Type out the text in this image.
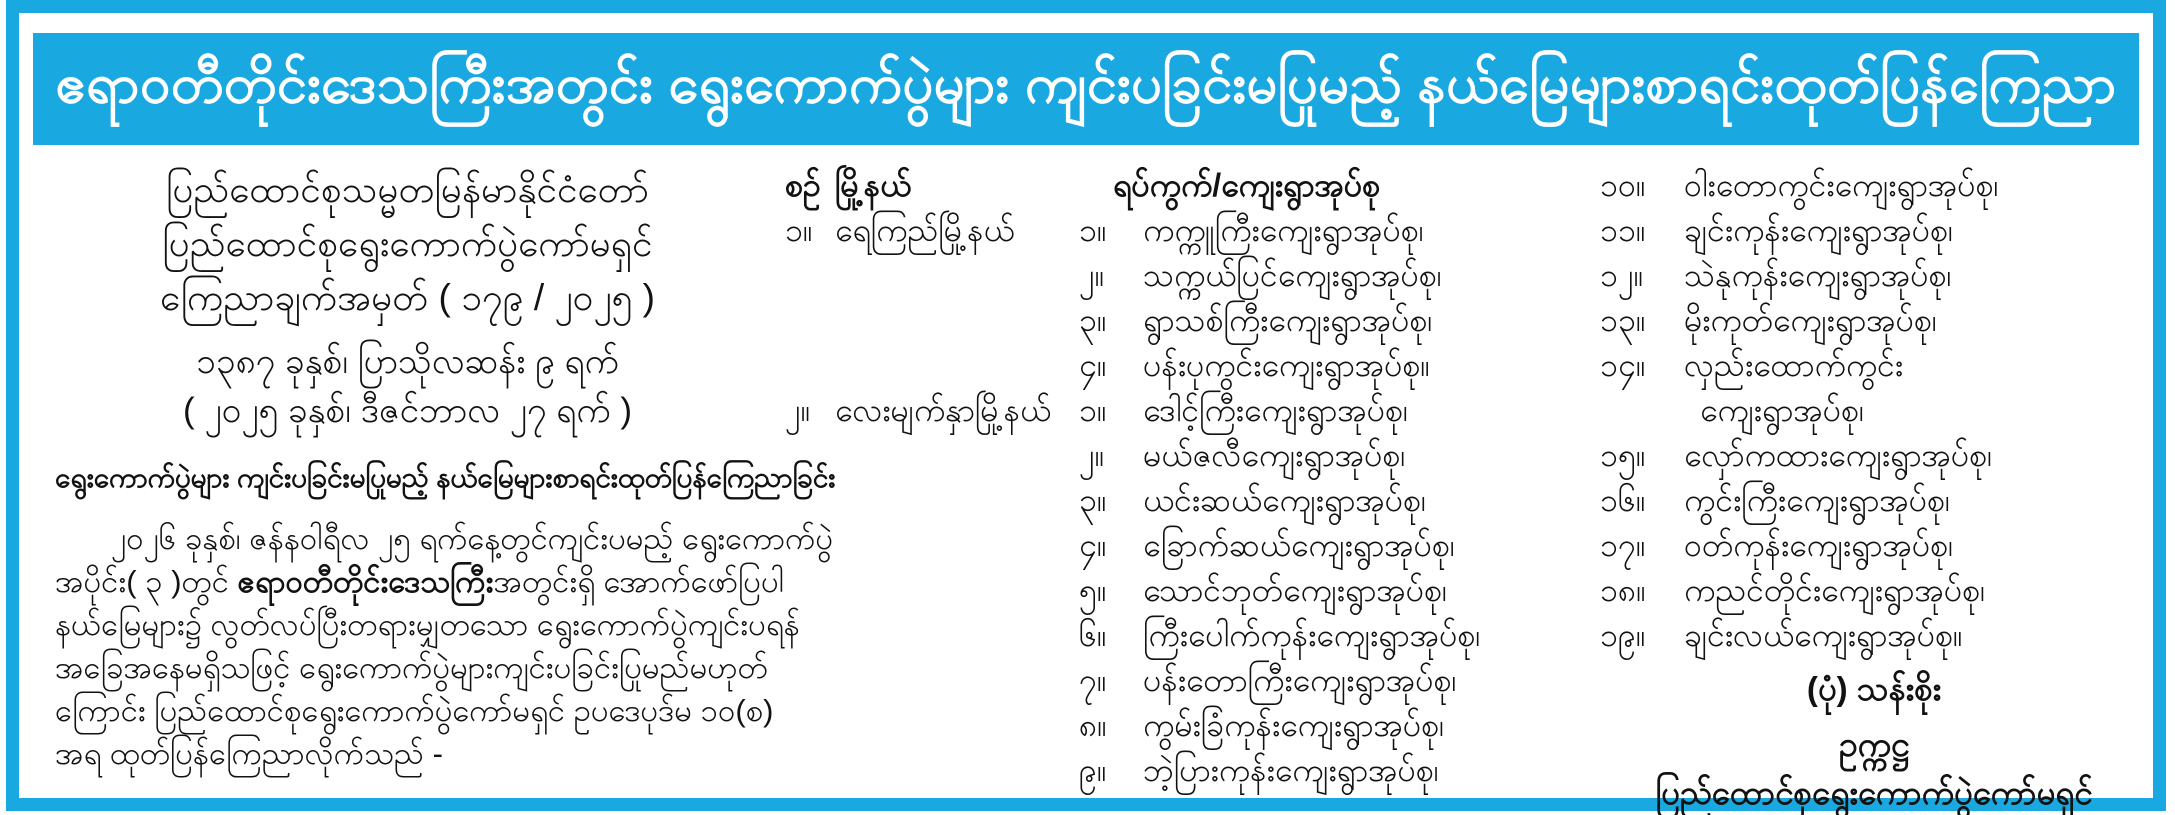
ဧရာဝတီတိုင်းဒေသကြီးအတွင်း ရွေးကောက်ပွဲများ ကျင်းပခြင်းမပြုမည့် နယ်မြေများစာရင်းထုတ်ပြန်ကြေညာ
ပြည်ထောင်စုသမ္မတမြန်မာနိုင်ငံတော်
ပြည်ထောင်စုရွေးကောက်ပွဲကော်မရှင်
ကြေညာချက်အမှတ် ( ၁၇၉ / ၂၀၂၅ )
၁၃၈၇ ခုနှစ်၊ ပြာသိုလဆန်း ၉ ရက်
( ၂၀၂၅ ခုနှစ်၊ ဒီဇင်ဘာလ ၂၇ ရက် )
ရွေးကောက်ပွဲများ ကျင်းပခြင်းမပြုမည့် နယ်မြေများစာရင်းထုတ်ပြန်ကြေညာခြင်း
၂၀၂၆ ခုနှစ်၊ ဇန်နဝါရီလ ၂၅ ရက်နေ့တွင်ကျင်းပမည့် ရွေးကောက်ပွဲ
အပိုင်း( ၃ )တွင် ဧရာဝတီတိုင်းဒေသကြီးအတွင်းရှိ အောက်ဖော်ပြပါ
နယ်မြေများ၌ လွတ်လပ်ပြီးတရားမျှတသော ရွေးကောက်ပွဲကျင်းပရန်
အခြေအနေမရှိသဖြင့် ရွေးကောက်ပွဲများကျင်းပခြင်းပြုမည်မဟုတ်
ကြောင်း ပြည်ထောင်စုရွေးကောက်ပွဲကော်မရှင် ဥပဒေပုဒ်မ ၁၀(စ)
အရ ထုတ်ပြန်ကြေညာလိုက်သည် -
စဉ် မြို့နယ်	ရပ်ကွက်/ကျေးရွာအုပ်စု
၁။ ရေကြည်မြို့နယ်	၁။	ကက္ကူကြီးကျေးရွာအုပ်စု၊
၂။	သက္ကယ်ပြင်ကျေးရွာအုပ်စု၊
၃။	ရွာသစ်ကြီးကျေးရွာအုပ်စု၊
၄။	ပန်းပုကွင်းကျေးရွာအုပ်စု။
၂။ လေးမျက်နှာမြို့နယ် ၁။	ဒေါင့်ကြီးကျေးရွာအုပ်စု၊
၂။	မယ်ဇလီကျေးရွာအုပ်စု၊
၃။	ယင်းဆယ်ကျေးရွာအုပ်စု၊
၄။	ခြောက်ဆယ်ကျေးရွာအုပ်စု၊
၅။	သောင်ဘုတ်ကျေးရွာအုပ်စု၊
၆။	ကြီးပေါက်ကုန်းကျေးရွာအုပ်စု၊
၇။	ပန်းတောကြီးကျေးရွာအုပ်စု၊
၈။	ကွမ်းခြံကုန်းကျေးရွာအုပ်စု၊
၉။	ဘဲ့ပြားကုန်းကျေးရွာအုပ်စု၊
၁၀။	ဝါးတောကွင်းကျေးရွာအုပ်စု၊
၁၁။	ချင်းကုန်းကျေးရွာအုပ်စု၊
၁၂။	သဲနုကုန်းကျေးရွာအုပ်စု၊
၁၃။	မိုးကုတ်ကျေးရွာအုပ်စု၊
၁၄။	လှည်းထောက်ကွင်း
ကျေးရွာအုပ်စု၊
၁၅။	လှော်ကထားကျေးရွာအုပ်စု၊
၁၆။	ကွင်းကြီးကျေးရွာအုပ်စု၊
၁၇။	ဝတ်ကုန်းကျေးရွာအုပ်စု၊
၁၈။	ကညင်တိုင်းကျေးရွာအုပ်စု၊
၁၉။	ချင်းလယ်ကျေးရွာအုပ်စု။
(ပုံ) သန်းစိုး
ဥက္ကဋ္ဌ
ပြည်ထောင်စုရွေးကောက်ပွဲကော်မရှင်
